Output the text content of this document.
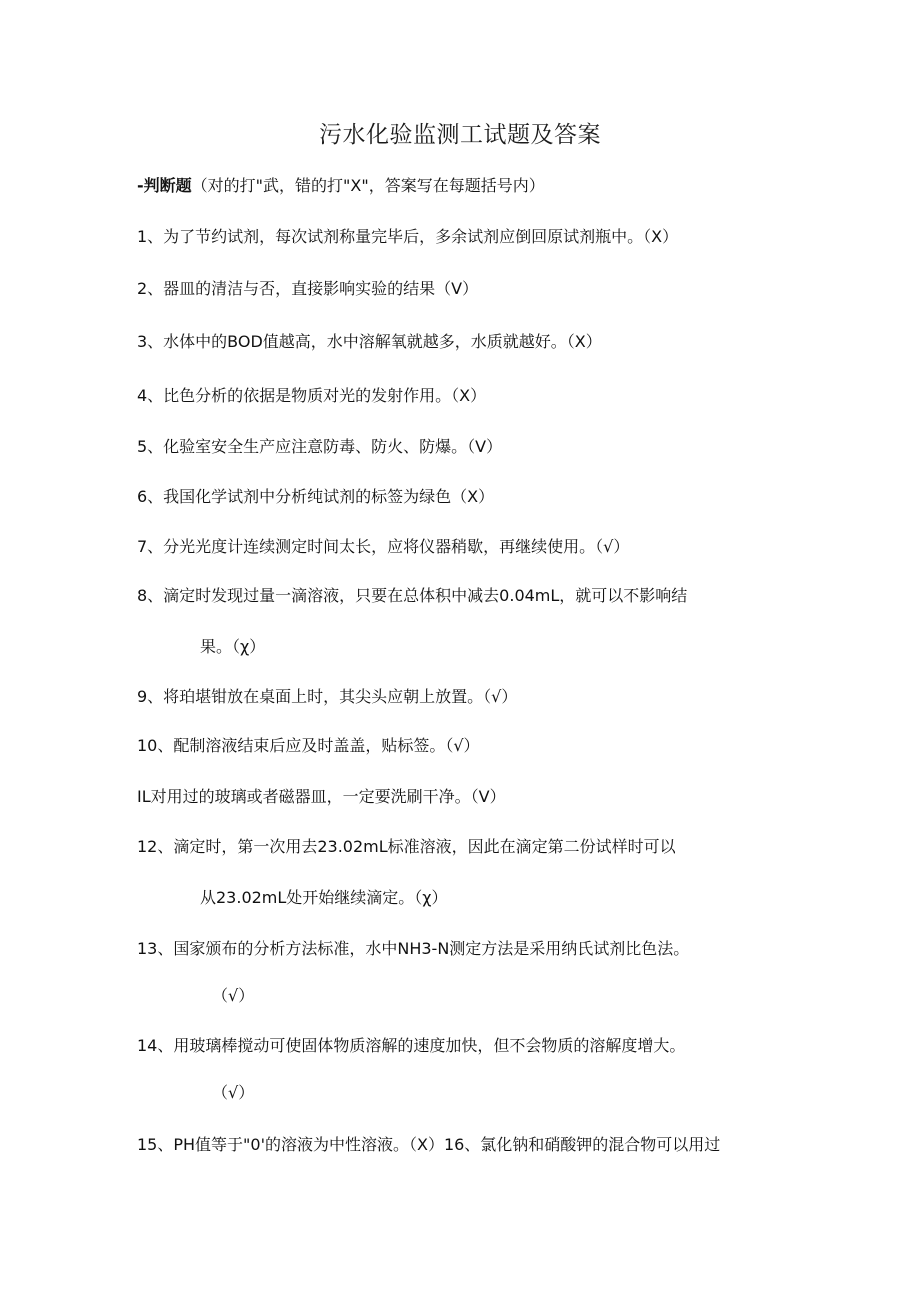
污水化验监测工试题及答案
-判断题（对的打"武，错的打"X"，答案写在每题括号内）
1、为了节约试剂，每次试剂称量完毕后，多余试剂应倒回原试剂瓶中。（X）
2、器皿的清洁与否，直接影响实验的结果（V）
3、水体中的BOD值越高，水中溶解氧就越多，水质就越好。（X）
4、比色分析的依据是物质对光的发射作用。（X）
5、化验室安全生产应注意防毒、防火、防爆。（V）
6、我国化学试剂中分析纯试剂的标签为绿色（X）
7、分光光度计连续测定时间太长，应将仪器稍歇，再继续使用。（√）
8、滴定时发现过量一滴溶液，只要在总体积中减去0.04mL，就可以不影响结
果。（χ）
9、将珀堪钳放在桌面上时，其尖头应朝上放置。（√）
10、配制溶液结束后应及时盖盖，贴标签。（√）
IL对用过的玻璃或者磁器皿，一定要洗刷干净。（V）
12、滴定时，第一次用去23.02mL标准溶液，因此在滴定第二份试样时可以
从23.02mL处开始继续滴定。（χ）
13、国家颁布的分析方法标准，水中NH3-N测定方法是采用纳氏试剂比色法。
（√）
14、用玻璃棒搅动可使固体物质溶解的速度加快，但不会物质的溶解度增大。
（√）
15、PH值等于"0'的溶液为中性溶液。（X）16、氯化钠和硝酸钾的混合物可以用过
